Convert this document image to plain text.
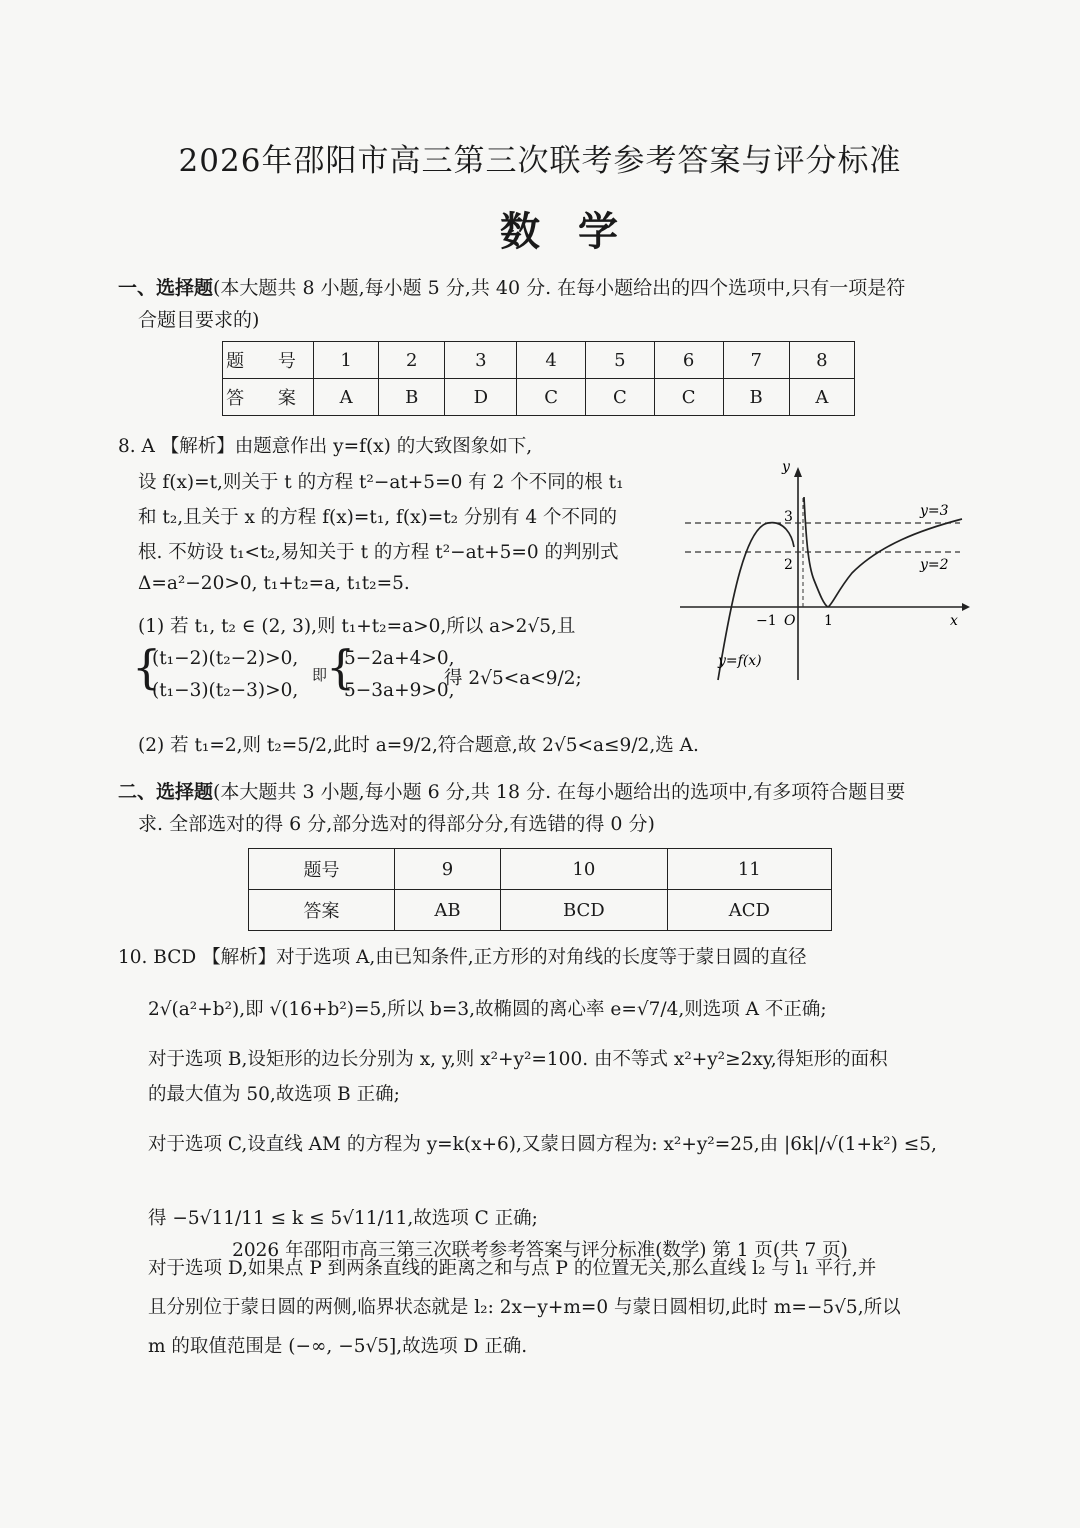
2026年邵阳市高三第三次联考参考答案与评分标准
数学
一、选择题(本大题共 8 小题,每小题 5 分,共 40 分. 在每小题给出的四个选项中,只有一项是符
合题目要求的)
题 号	1	2	3	4	5	6	7	8
答 案	A	B	D	C	C	C	B	A
8. A 【解析】由题意作出 y=f(x) 的大致图象如下,
设 f(x)=t,则关于 t 的方程 t²−at+5=0 有 2 个不同的根 t₁
和 t₂,且关于 x 的方程 f(x)=t₁, f(x)=t₂ 分别有 4 个不同的
根. 不妨设 t₁<t₂,易知关于 t 的方程 t²−at+5=0 的判别式
Δ=a²−20>0, t₁+t₂=a, t₁t₂=5.
(1) 若 t₁, t₂ ∈ (2, 3),则 t₁+t₂=a>0,所以 a>2√5,且
{
(t₁−2)(t₂−2)>0,
(t₁−3)(t₂−3)>0,
即
{
5−2a+4>0,
5−3a+9>0,
得 2√5<a<9/2;
(2) 若 t₁=2,则 t₂=5/2,此时 a=9/2,符合题意,故 2√5<a≤9/2,选 A.
y
x
O
−1	1
2
3	y=3
y=2
y=f(x)
二、选择题(本大题共 3 小题,每小题 6 分,共 18 分. 在每小题给出的选项中,有多项符合题目要
求. 全部选对的得 6 分,部分选对的得部分分,有选错的得 0 分)
题号	9	10	11
答案	AB	BCD	ACD
10. BCD 【解析】对于选项 A,由已知条件,正方形的对角线的长度等于蒙日圆的直径
2√(a²+b²),即 √(16+b²)=5,所以 b=3,故椭圆的离心率 e=√7/4,则选项 A 不正确;
对于选项 B,设矩形的边长分别为 x, y,则 x²+y²=100. 由不等式 x²+y²≥2xy,得矩形的面积
的最大值为 50,故选项 B 正确;
对于选项 C,设直线 AM 的方程为 y=k(x+6),又蒙日圆方程为: x²+y²=25,由 |6k|/√(1+k²) ≤5,
得 −5√11/11 ≤ k ≤ 5√11/11,故选项 C 正确;
对于选项 D,如果点 P 到两条直线的距离之和与点 P 的位置无关,那么直线 l₂ 与 l₁ 平行,并
且分别位于蒙日圆的两侧,临界状态就是 l₂: 2x−y+m=0 与蒙日圆相切,此时 m=−5√5,所以
m 的取值范围是 (−∞, −5√5],故选项 D 正确.
2026 年邵阳市高三第三次联考参考答案与评分标准(数学) 第 1 页(共 7 页)
